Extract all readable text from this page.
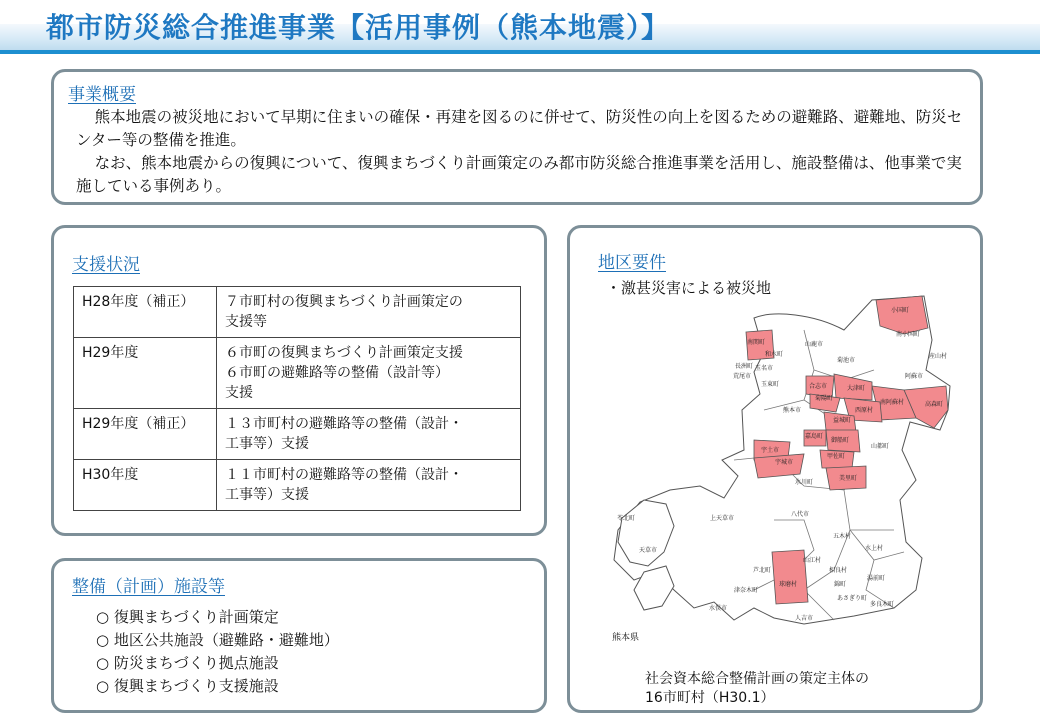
都市防災総合推進事業【活用事例（熊本地震）】
事業概要

熊本地震の被災地において早期に住まいの確保・再建を図るのに併せて、防災性の向上を図るための避難路、避難地、防災センター等の整備を推進。

なお、熊本地震からの復興について、復興まちづくり計画策定のみ都市防災総合推進事業を活用し、施設整備は、他事業で実施している事例あり。

支援状況
H28年度（補正）	７市町村の復興まちづくり計画策定の
支援等

H29年度	６市町の復興まちづくり計画策定支援
６市町の避難路等の整備（設計等）
支援

H29年度（補正）	１３市町村の避難路等の整備（設計・
工事等）支援

H30年度	１１市町村の避難路等の整備（設計・
工事等）支援
整備（計画）施設等
○ 復興まちづくり計画策定
○ 地区公共施設（避難路・避難地）
○ 防災まちづくり拠点施設
○ 復興まちづくり支援施設
地区要件
・激甚災害による被災地
小国町
南小国町
産山村
阿蘇市
高森町
南阿蘇村
山鹿市
菊池市
和水町
南関町
荒尾市
長洲町 玉名市
玉東町	合志市	大津町
菊陽町
西原村
熊本市
益城町
嘉島町
御船町
山都町
宇土市
宇城市
甲佐町
美里町
氷川町
八代市
上天草市
苓北町
天草市
五木村
山江村
水上村
芦北町
球磨村
相良村
湯前町
津奈木町
錦町
あさぎり町
多良木町
水俣市
人吉市
熊本県
社会資本総合整備計画の策定主体の
16市町村（H30.1）
